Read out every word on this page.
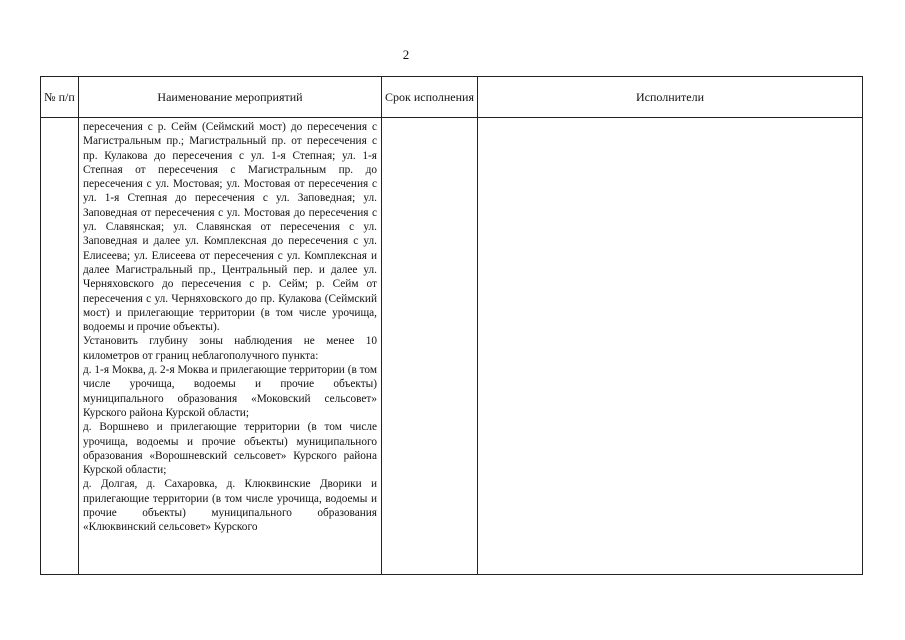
2
№ п/п	Наименование мероприятий	Срок исполнения	Исполнители

	пересечения с р. Сейм (Сеймский мост) до пересечения с Магистральным пр.; Магистральный пр. от пересечения с пр. Кулакова до пересечения с ул. 1-я Степная; ул. 1-я Степная от пересечения с Магистральным пр. до пересечения с ул. Мостовая; ул. Мостовая от пересечения с ул. 1-я Степная до пересечения с ул. Заповедная; ул. Заповедная от пересечения с ул. Мостовая до пересечения с ул. Славянская; ул. Славянская от пересечения с ул. Заповедная и далее ул. Комплексная до пересечения с ул. Елисеева; ул. Елисеева от пересечения с ул. Комплексная и далее Магистральный пр., Центральный пер. и далее ул. Черняховского до пересечения с р. Сейм; р. Сейм от пересечения с ул. Черняховского до пр. Кулакова (Сеймский мост) и прилегающие территории (в том числе урочища, водоемы и прочие объекты).

Установить глубину зоны наблюдения не менее 10 километров от границ неблагополучного пункта:

д. 1-я Моква, д. 2-я Моква и прилегающие территории (в том числе урочища, водоемы и прочие объекты) муниципального образования «Моковский сельсовет» Курского района Курской области;

д. Воршнево и прилегающие территории (в том числе урочища, водоемы и прочие объекты) муниципального образования «Ворошневский сельсовет» Курского района Курской области;

д. Долгая, д. Сахаровка, д. Клюквинские Дворики и прилегающие территории (в том числе урочища, водоемы и прочие объекты) муниципального образования «Клюквинский сельсовет» Курского		
